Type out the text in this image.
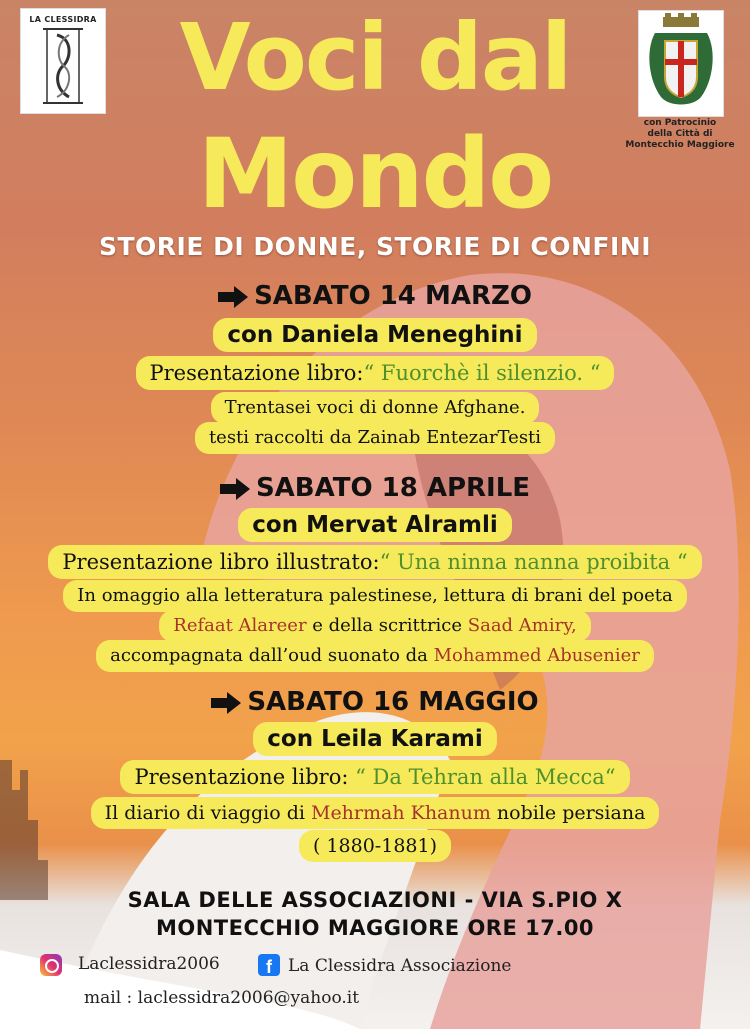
LA CLESSIDRA
con Patrocinio
della Città di
Montecchio Maggiore
Voci dal
Mondo
STORIE DI DONNE, STORIE DI CONFINI
SABATO 14 MARZO
con Daniela Meneghini
Presentazione libro:“ Fuorchè il silenzio. “
Trentasei voci di donne Afghane.
testi raccolti da Zainab EntezarTesti
SABATO 18 APRILE
con Mervat Alramli
Presentazione libro illustrato:“ Una ninna nanna proibita “
In omaggio alla letteratura palestinese, lettura di brani del poeta
Refaat Alareer e della scrittrice Saad Amiry,
accompagnata dall’oud suonato da Mohammed Abusenier
SABATO 16 MAGGIO
con Leila Karami
Presentazione libro: “ Da Tehran alla Mecca“
Il diario di viaggio di Mehrmah Khanum nobile persiana
( 1880-1881)
SALA DELLE ASSOCIAZIONI - VIA S.PIO X
MONTECCHIO MAGGIORE ORE 17.00
Laclessidra2006	f La Clessidra Associazione
mail : laclessidra2006@yahoo.it
